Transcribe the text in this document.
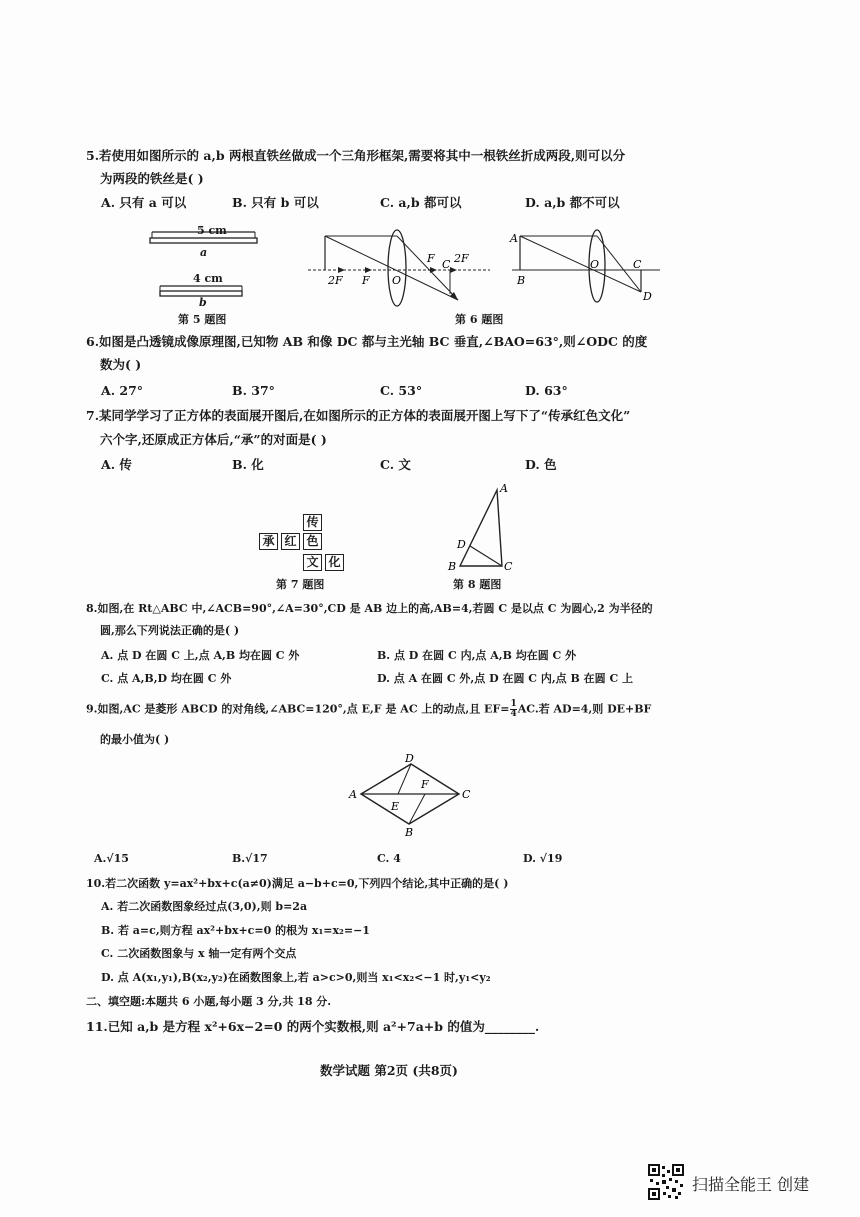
5.若使用如图所示的 a,b 两根直铁丝做成一个三角形框架,需要将其中一根铁丝折成两段,则可以分
为两段的铁丝是( )
A. 只有 a 可以	B. 只有 b 可以	C. a,b 都可以	D. a,b 都不可以
5 cm
a
4 cm
b
第 5 题图
2F F O
F C 2F
A
B
O	C
D
第 6 题图
6.如图是凸透镜成像原理图,已知物 AB 和像 DC 都与主光轴 BC 垂直,∠BAO=63°,则∠ODC 的度
数为( )
A. 27°	B. 37°	C. 53°	D. 63°
7.某同学学习了正方体的表面展开图后,在如图所示的正方体的表面展开图上写下了“传承红色文化”
六个字,还原成正方体后,“承”的对面是( )
A. 传	B. 化	C. 文	D. 色
传
承 红 色
文 化
第 7 题图
A
D
B	C
第 8 题图
8.如图,在 Rt△ABC 中,∠ACB=90°,∠A=30°,CD 是 AB 边上的高,AB=4,若圆 C 是以点 C 为圆心,2 为半径的
圆,那么下列说法正确的是( )
A. 点 D 在圆 C 上,点 A,B 均在圆 C 外	B. 点 D 在圆 C 内,点 A,B 均在圆 C 外
C. 点 A,B,D 均在圆 C 外	D. 点 A 在圆 C 外,点 D 在圆 C 内,点 B 在圆 C 上
9.如图,AC 是菱形 ABCD 的对角线,∠ABC=120°,点 E,F 是 AC 上的动点,且 $EF= \frac{1}{4}$ AC.若 AD=4,则 DE+BF
的最小值为( )
A
D
E
F
C
B
A.√15	B.√17	C. 4	D. √19
10.若二次函数 y=ax²+bx+c(a≠0)满足 a−b+c=0,下列四个结论,其中正确的是( )
A. 若二次函数图象经过点(3,0),则 b=2a
B. 若 a=c,则方程 ax²+bx+c=0 的根为 x₁=x₂=−1
C. 二次函数图象与 x 轴一定有两个交点
D. 点 A(x₁,y₁),B(x₂,y₂)在函数图象上,若 a>c>0,则当 x₁<x₂<−1 时,y₁<y₂
二、填空题:本题共 6 小题,每小题 3 分,共 18 分.
11.已知 a,b 是方程 x²+6x−2=0 的两个实数根,则 a²+7a+b 的值为________.
数学试题 第2页 (共8页)
扫描全能王 创建
